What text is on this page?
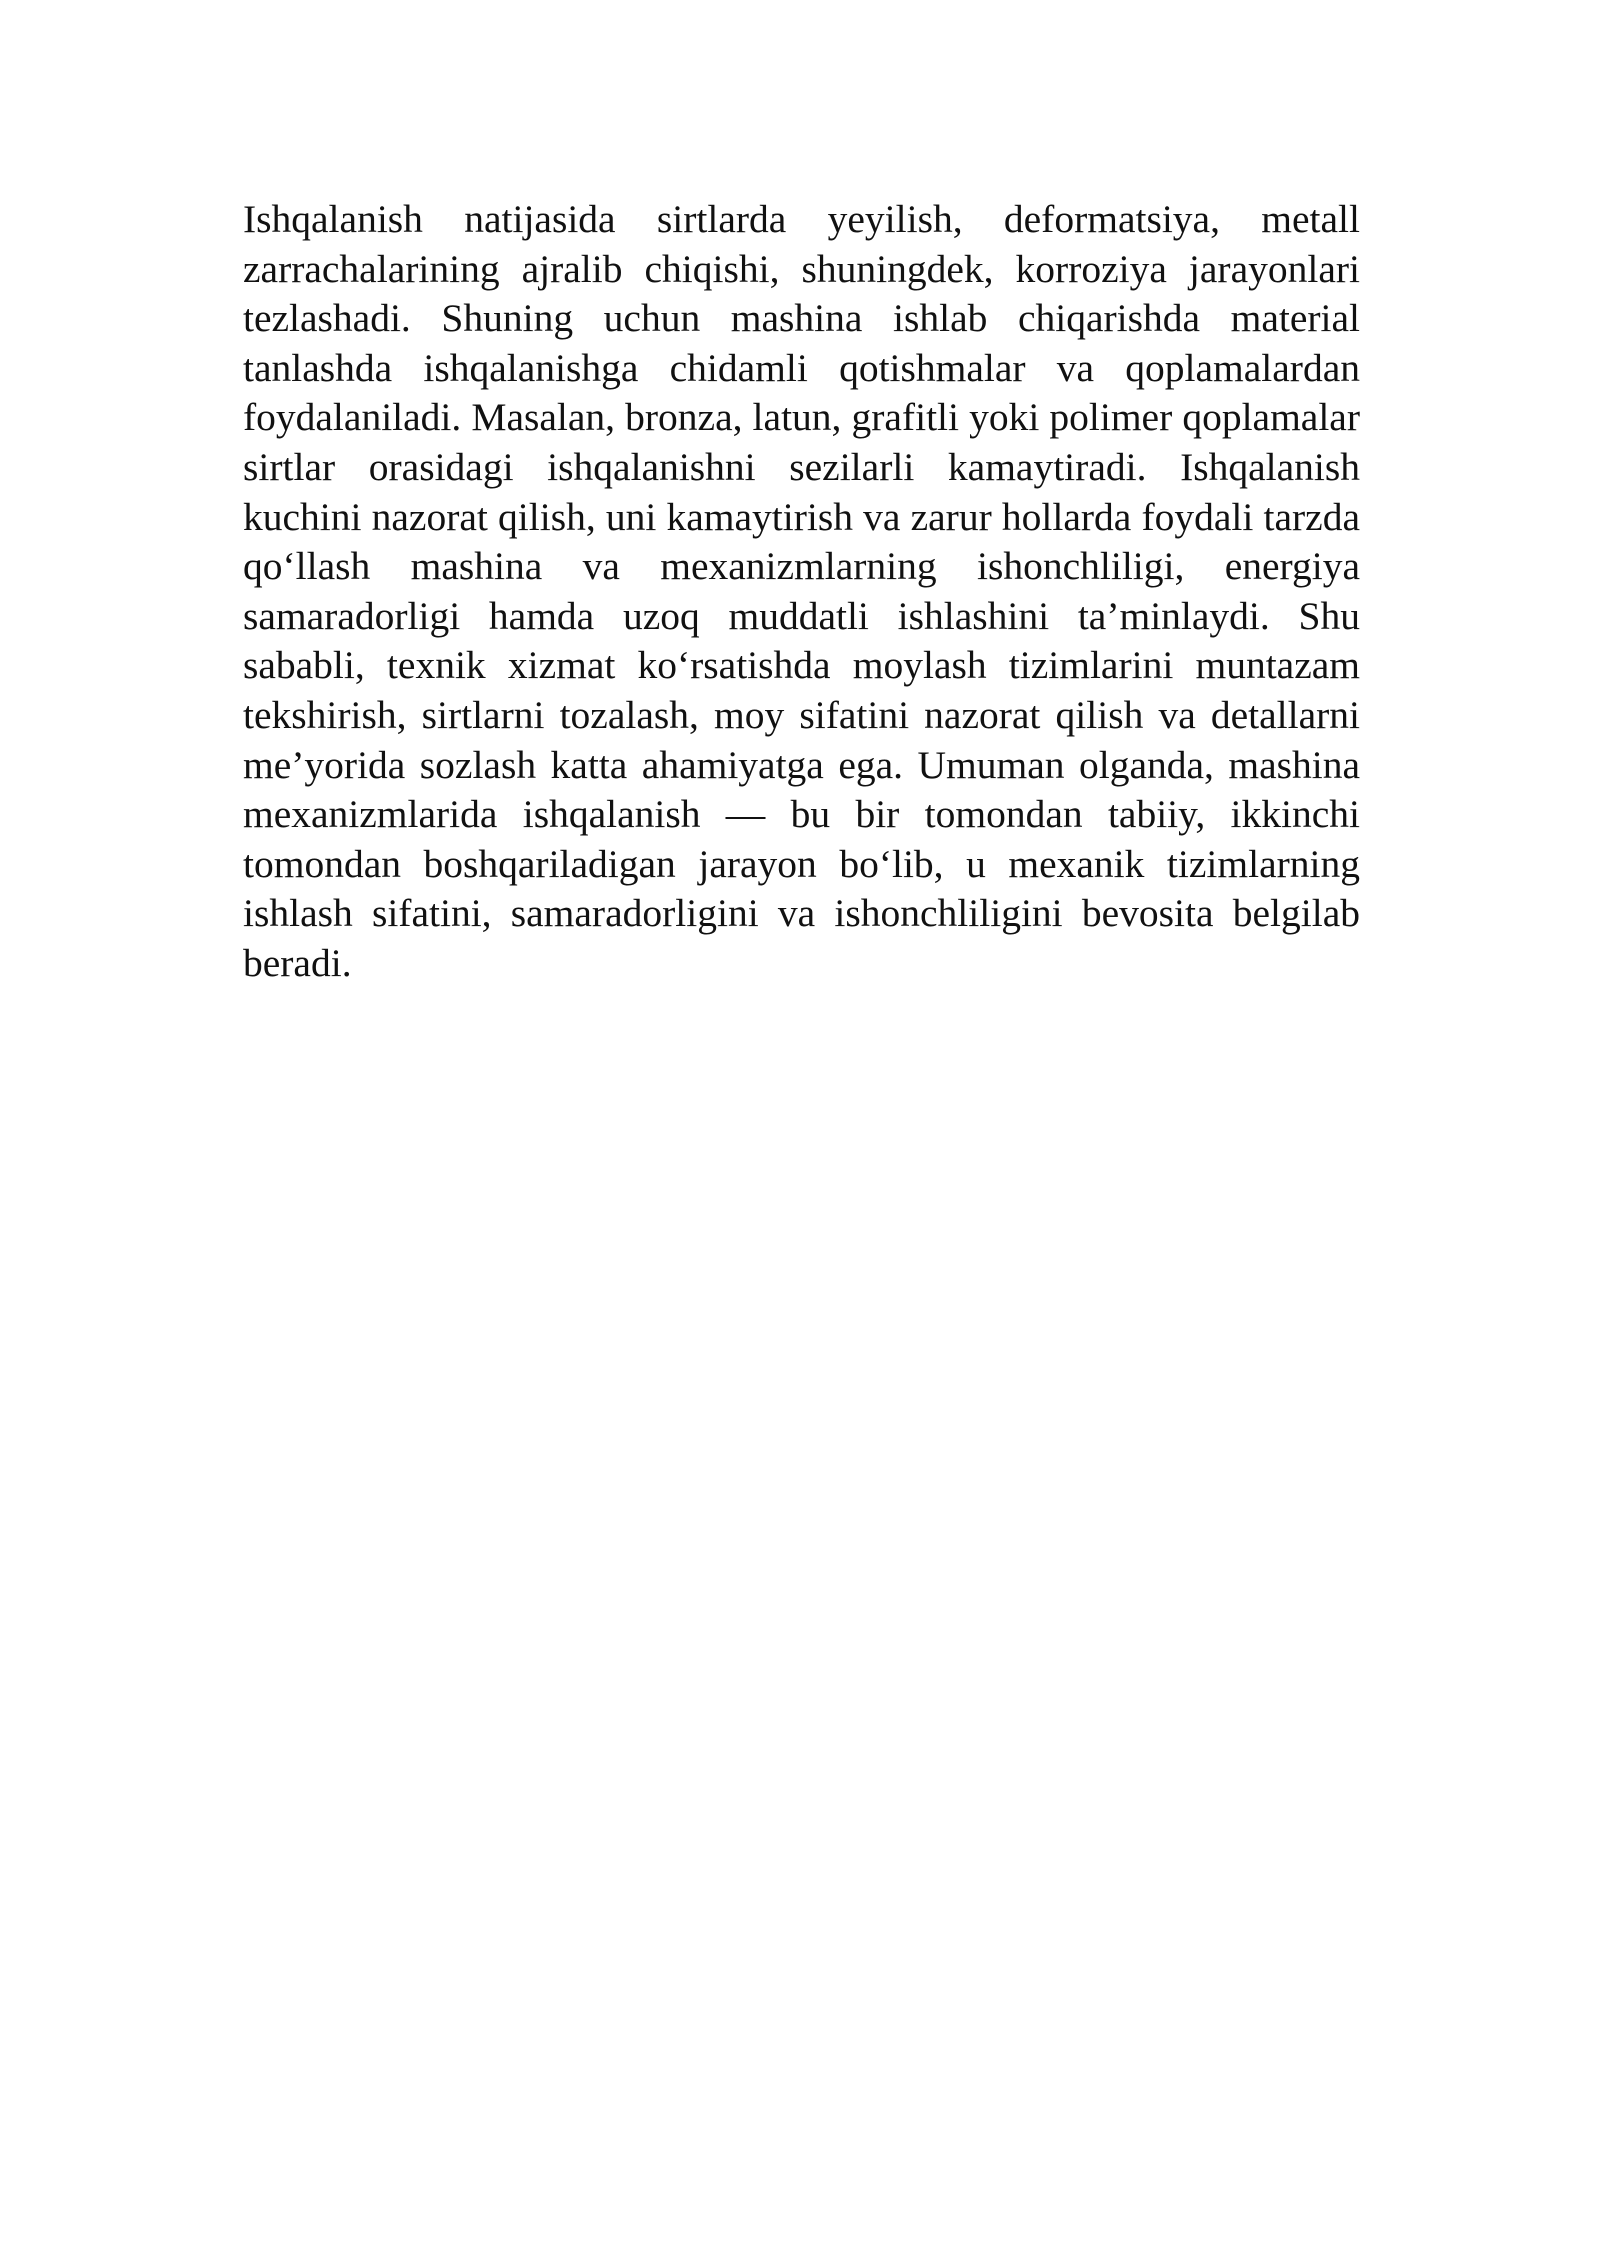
Ishqalanish natijasida sirtlarda yeyilish, deformatsiya, metall zarrachalarining ajralib chiqishi, shuningdek, korroziya jarayonlari tezlashadi. Shuning uchun mashina ishlab chiqarishda material tanlashda ishqalanishga chidamli qotishmalar va qoplamalardan foydalaniladi. Masalan, bronza, latun, grafitli yoki polimer qoplamalar sirtlar orasidagi ishqalanishni sezilarli kamaytiradi. Ishqalanish kuchini nazorat qilish, uni kamaytirish va zarur hollarda foydali tarzda qo‘llash mashina va mexanizmlarning ishonchliligi, energiya samaradorligi hamda uzoq muddatli ishlashini ta’minlaydi. Shu sababli, texnik xizmat ko‘rsatishda moylash tizimlarini muntazam tekshirish, sirtlarni tozalash, moy sifatini nazorat qilish va detallarni me’yorida sozlash katta ahamiyatga ega. Umuman olganda, mashina mexanizmlarida ishqalanish — bu bir tomondan tabiiy, ikkinchi tomondan boshqariladigan jarayon bo‘lib, u mexanik tizimlarning ishlash sifatini, samaradorligini va ishonchliligini bevosita belgilab beradi.
